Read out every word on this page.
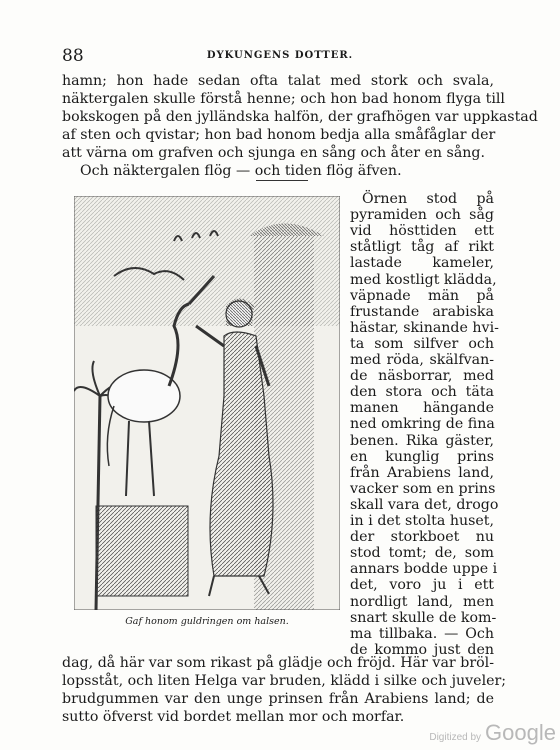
88	DYKUNGENS DOTTER.
hamn; hon hade sedan ofta talat med stork och svala,
näktergalen skulle förstå henne; och hon bad honom flyga till
bokskogen på den jylländska halfön, der grafhögen var uppkastad
af sten och qvistar; hon bad honom bedja alla småfåglar der
att värna om grafven och sjunga en sång och åter en sång.
Och näktergalen flög — och tiden flög äfven.
Gaf honom guldringen om halsen.
Örnen stod på
pyramiden och såg
vid hösttiden ett
ståtligt tåg af rikt
lastade kameler,
med kostligt klädda,
väpnade män på
frustande arabiska
hästar, skinande hvi-
ta som silfver och
med röda, skälfvan-
de näsborrar, med
den stora och täta
manen hängande
ned omkring de fina
benen. Rika gäster,
en kunglig prins
från Arabiens land,
vacker som en prins
skall vara det, drogo
in i det stolta huset,
der storkboet nu
stod tomt; de, som
annars bodde uppe i
det, voro ju i ett
nordligt land, men
snart skulle de kom-
ma tillbaka. — Och
de kommo just den
dag, då här var som rikast på glädje och fröjd. Här var bröl-
lopsståt, och liten Helga var bruden, klädd i silke och juveler;
brudgummen var den unge prinsen från Arabiens land; de
sutto öfverst vid bordet mellan mor och morfar.
Digitized by Google
